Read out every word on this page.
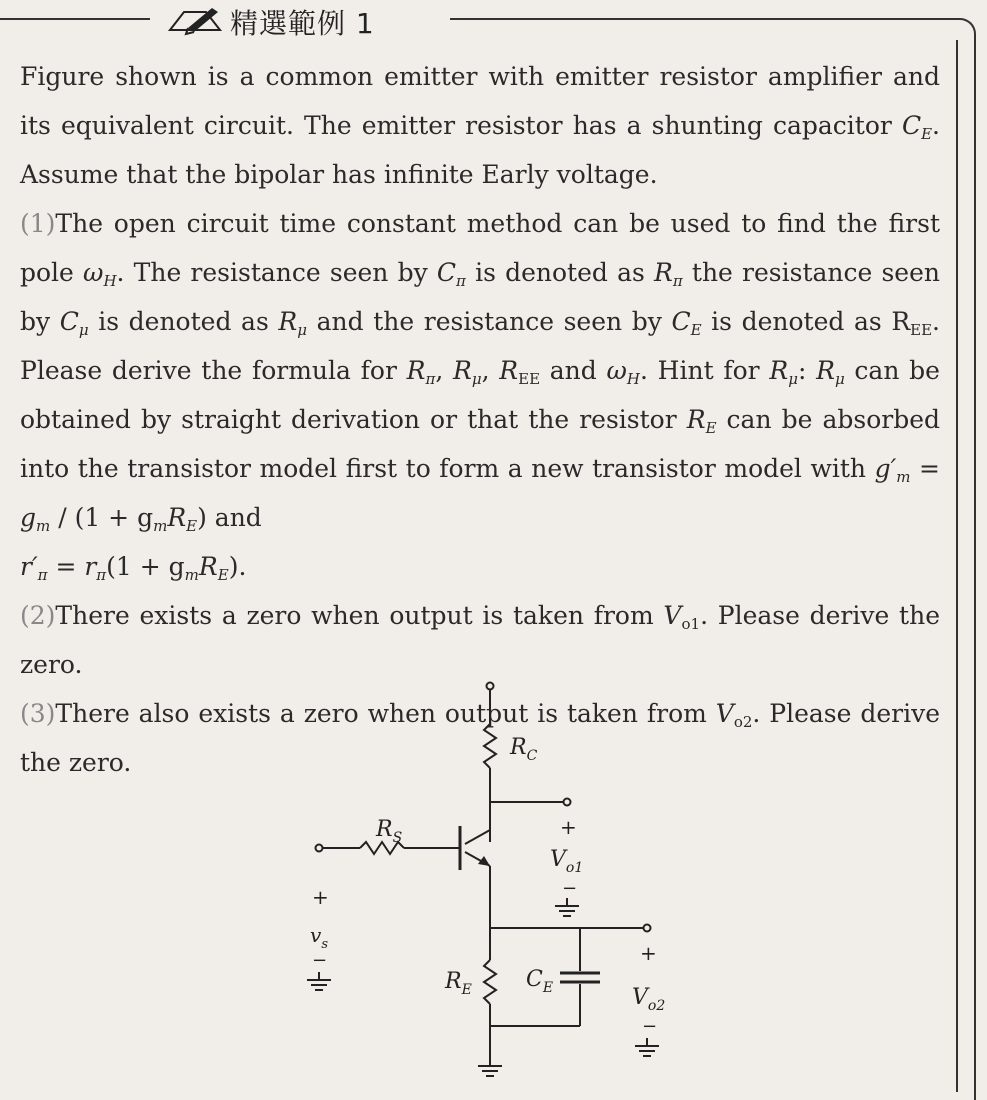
精選範例 1

Figure shown is a common emitter with emitter resistor amplifier and its equivalent circuit. The emitter resistor has a shunting capacitor $C_E$. Assume that the bipolar has infinite Early voltage.

(1)The open circuit time constant method can be used to find the first pole $\omega_H$. The resistance seen by $C_\pi$ is denoted as $R_\pi$ the resistance seen by $C_\mu$ is denoted as $R_\mu$ and the resistance seen by $C_E$ is denoted as $R_{EE}$. Please derive the formula for $R_\pi$, $R_\mu$, $R_{EE}$ and $\omega_H$. Hint for $R_\mu$: $R_\mu$ can be obtained by straight derivation or that the resistor $R_E$ can be absorbed into the transistor model first to form a new transistor model with $g'_m = g_m / (1 + g_mR_E)$ and
$r'_\pi = r_\pi(1 + g_mR_E)$.

(2)There exists a zero when output is taken from $V_{o1}$. Please derive the zero.

(3)There also exists a zero when output is taken from $V_{o2}$. Please derive the zero.

$R_C$
$R_S$	+
$V_{o1}$
−
+
$v_s$
−
$R_E$ $C_E$
+
$V_{o2}$
−
